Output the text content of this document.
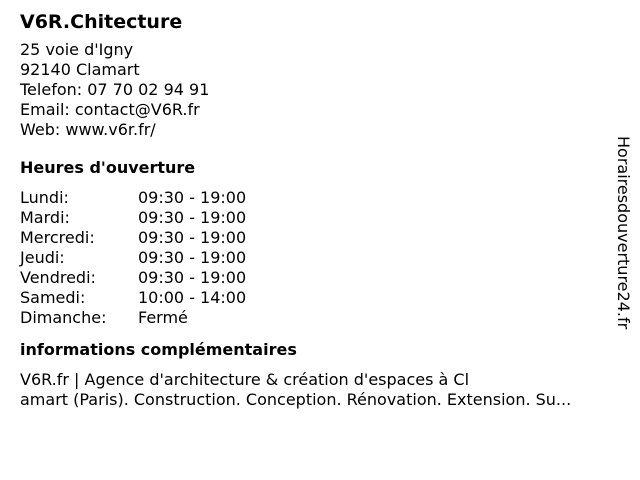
V6R.Chitecture
25 voie d'Igny
92140 Clamart
Telefon: 07 70 02 94 91
Email: contact@V6R.fr
Web: www.v6r.fr/
Heures d'ouverture
Lundi:	09:30 - 19:00
Mardi:	09:30 - 19:00
Mercredi:	09:30 - 19:00
Jeudi:	09:30 - 19:00
Vendredi:	09:30 - 19:00
Samedi:	10:00 - 14:00
Dimanche:	Fermé
informations complémentaires
V6R.fr | Agence d'architecture & création d'espaces à Cl
amart (Paris). Construction. Conception. Rénovation. Extension. Su...
Horairesdouverture24.fr
